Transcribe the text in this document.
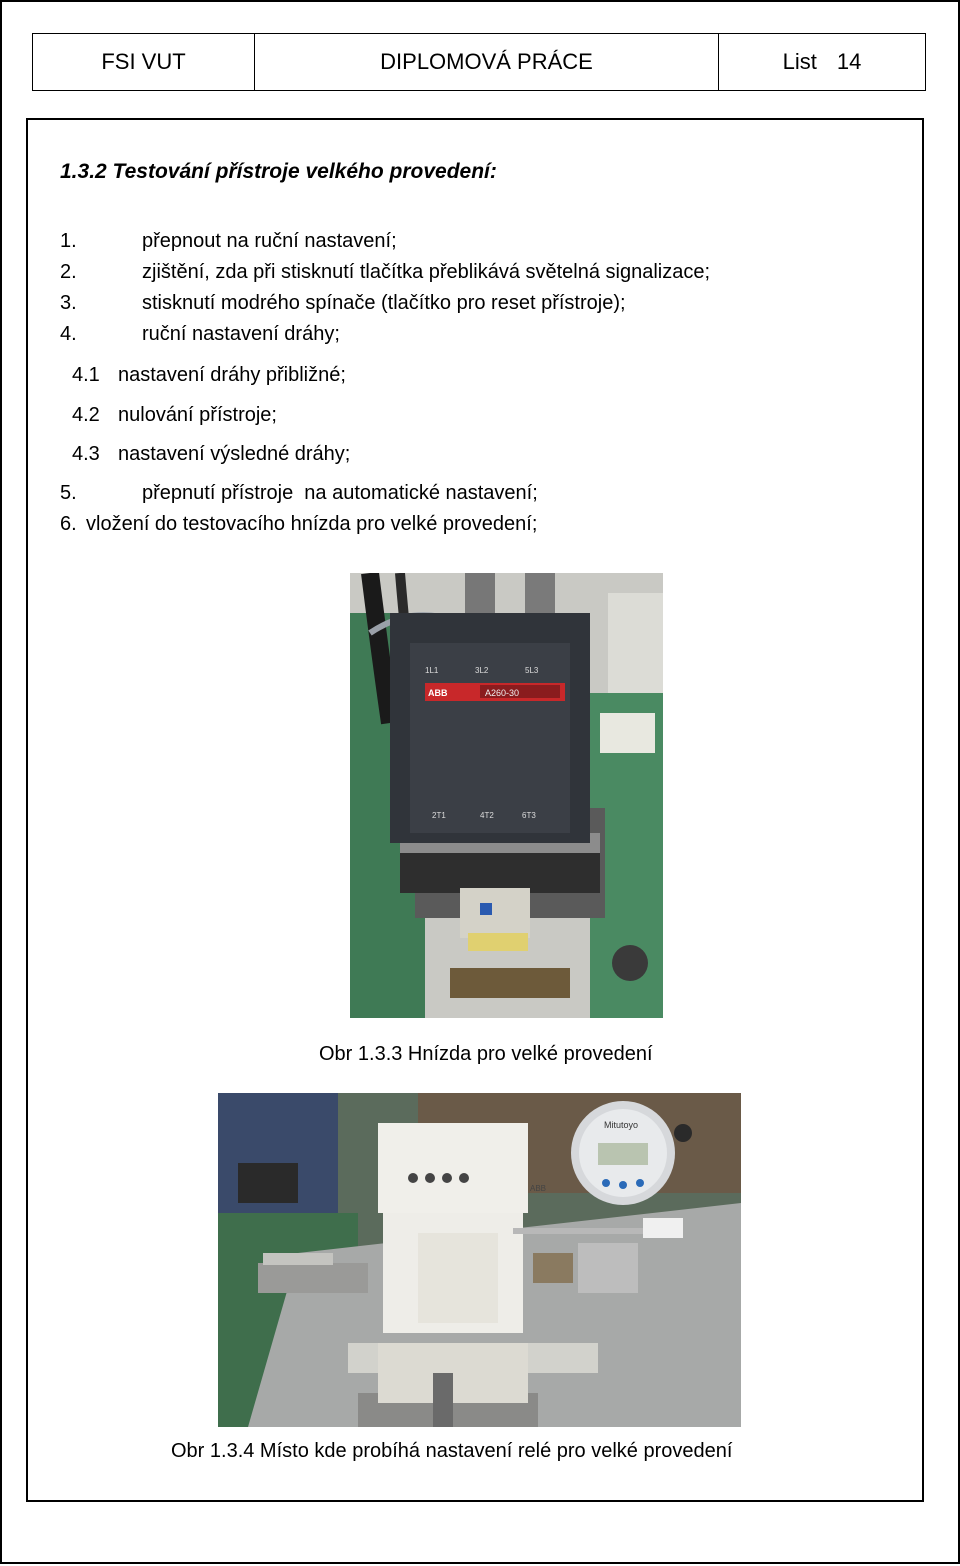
FSI VUT	DIPLOMOVÁ PRÁCE	List 14
1.3.2 Testování přístroje velkého provedení:
1.	přepnout na ruční nastavení;
2.	zjištění, zda při stisknutí tlačítka přeblikává světelná signalizace;
3.	stisknutí modrého spínače (tlačítko pro reset přístroje);
4.	ruční nastavení dráhy;
4.1 nastavení dráhy přibližné;
4.2 nulování přístroje;
4.3 nastavení výsledné dráhy;
5.	přepnutí přístroje  na automatické nastavení;
6. vložení do testovacího hnízda pro velké provedení;
A260-30
ABB
1L1	3L2	5L3
2T1	4T2	6T3
Obr 1.3.3 Hnízda pro velké provedení
Mitutoyo
ABB
Obr 1.3.4 Místo kde probíhá nastavení relé pro velké provedení
